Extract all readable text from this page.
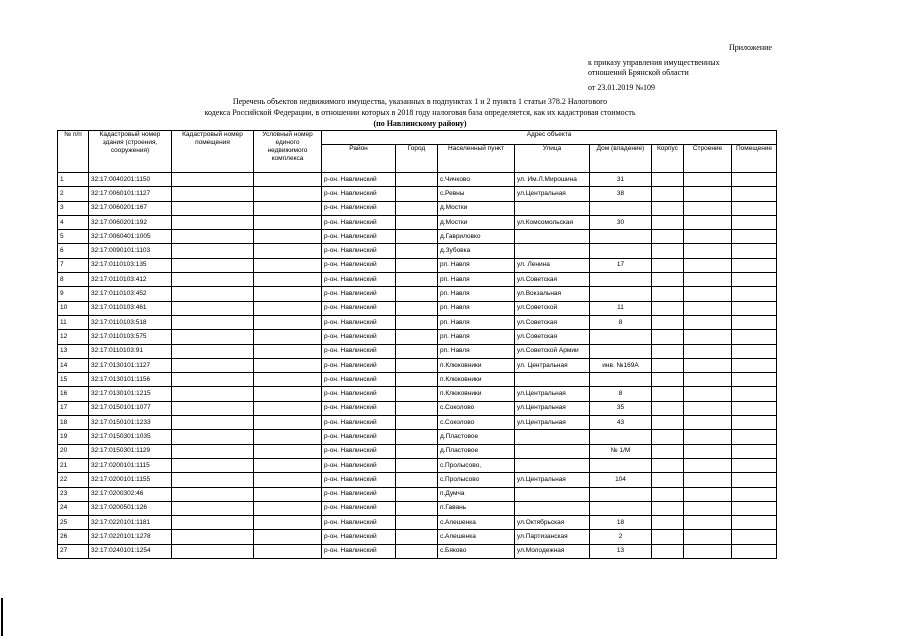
Приложение
к приказу управления имущественных
отношений Брянской области
от 23.01.2019 №109
Перечень объектов недвижимого имущества, указанных в подпунктах 1 и 2 пункта 1 статьи 378.2 Налогового
кодекса Российской Федерации, в отношении которых в 2018 году налоговая база определяется, как их кадастровая стоимость
(по Навлинскому району)
№ п/п	Кадастровый номер здания (строения, сооружения)	Кадастровый номер помещения	Условный номер единого недвижимого комплекса	Адрес объекта							
				Район	Город	Населенный пункт	Улица	Дом (владение)	Корпус	Строение	Помещение
1	32:17:0040201:1150			р-он. Навлинский		с.Чичково	ул. Им.Л.Мирошина	31			
2	32:17:0060101:1127			р-он. Навлинский		с.Ревны	ул.Центральная	38			
3	32:17:0060201:167			р-он. Навлинский		д.Мостки					
4	32:17:0060201:192			р-он. Навлинский		д.Мостки	ул.Комсомольская	30			
5	32:17:0060401:1005			р-он. Навлинский		д.Гавриловко					
6	32:17:0090101:1103			р-он. Навлинский		д.Зубовка					
7	32:17:0110103:135			р-он. Навлинский		рп. Навля	ул. Ленина	17			
8	32:17:0110103:412			р-он. Навлинский		рп. Навля	ул.Советская				
9	32:17:0110103:452			р-он. Навлинский		рп. Навля	ул.Вокзальная				
10	32:17:0110103:461			р-он. Навлинский		рп. Навля	ул.Советской	11			
11	32:17:0110103:518			р-он. Навлинский		рп. Навля	ул.Советская	8			
12	32:17:0110103:575			р-он. Навлинский		рп. Навля	ул.Советская				
13	32:17:0110103:91			р-он. Навлинский		рп. Навля	ул.Советской Армии				
14	32:17:0130101:1127			р-он. Навлинский		п.Клюковники	ул. Центральная	инв. №169А			
15	32:17:0130101:1156			р-он. Навлинский		п.Клюковники					
16	32:17:0130101:1215			р-он. Навлинский		п.Клюковники	ул.Центральная	8			
17	32:17:0150101:1077			р-он. Навлинский		с.Соколово	ул.Центральная	35			
18	32:17:0150101:1233			р-он. Навлинский		с.Соколово	ул.Центральная	43			
19	32:17:0150301:1035			р-он. Навлинский		д.Пластовое					
20	32:17:0150301:1129			р-он. Навлинский		д.Пластовое		№ 1/М			
21	32:17:0200101:1115			р-он. Навлинский		с.Пролысово,					
22	32:17:0200101:1155			р-он. Навлинский		с.Пролысово	ул.Центральная	104			
23	32:17:0200302:46			р-он. Навлинский		п.Думча					
24	32:17:0200501:126			р-он. Навлинский		п.Гавань					
25	32:17:0220101:1181			р-он. Навлинский		с.Алешенка	ул.Октябрьская	18			
26	32:17:0220101:1278			р-он. Навлинский		с.Алешенка	ул.Партизанская	2			
27	32:17:0240101:1254			р-он. Навлинский		с.Бяково	ул.Молодежная	13			
